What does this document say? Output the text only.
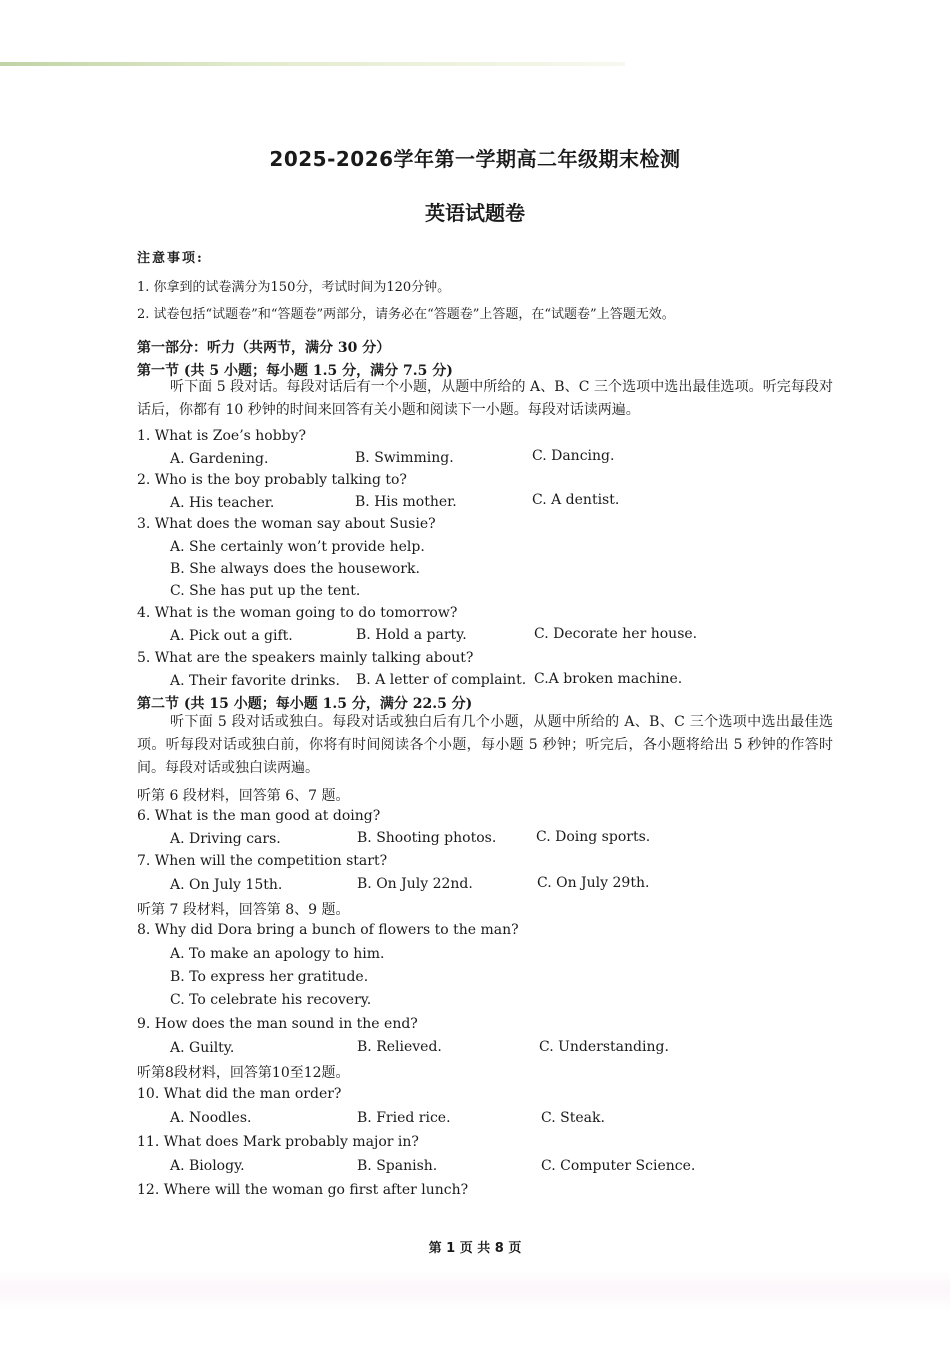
2025-2026学年第一学期高二年级期末检测
英语试题卷
注意事项:
1. 你拿到的试卷满分为150分，考试时间为120分钟。
2. 试卷包括“试题卷”和“答题卷”两部分，请务必在“答题卷”上答题，在“试题卷”上答题无效。
第一部分：听力（共两节，满分 30 分）
第一节 (共 5 小题；每小题 1.5 分，满分 7.5 分)
听下面 5 段对话。每段对话后有一个小题，从题中所给的 A、B、C 三个选项中选出最佳选项。听完每段对话后，你都有 10 秒钟的时间来回答有关小题和阅读下一小题。每段对话读两遍。
1. What is Zoe’s hobby?
A. Gardening.	B. Swimming.	C. Dancing.
2. Who is the boy probably talking to?
A. His teacher.	B. His mother.	C. A dentist.
3. What does the woman say about Susie?
A. She certainly won’t provide help.
B. She always does the housework.
C. She has put up the tent.
4. What is the woman going to do tomorrow?
A. Pick out a gift.	B. Hold a party.	C. Decorate her house.
5. What are the speakers mainly talking about?
A. Their favorite drinks. B. A letter of complaint. C.A broken machine.
第二节 (共 15 小题；每小题 1.5 分，满分 22.5 分)
听下面 5 段对话或独白。每段对话或独白后有几个小题，从题中所给的 A、B、C 三个选项中选出最佳选项。听每段对话或独白前，你将有时间阅读各个小题，每小题 5 秒钟；听完后，各小题将给出 5 秒钟的作答时间。每段对话或独白读两遍。
听第 6 段材料，回答第 6、7 题。
6. What is the man good at doing?
A. Driving cars.	B. Shooting photos.	C. Doing sports.
7. When will the competition start?
A. On July 15th.	B. On July 22nd.	C. On July 29th.
听第 7 段材料，回答第 8、9 题。
8. Why did Dora bring a bunch of flowers to the man?
A. To make an apology to him.
B. To express her gratitude.
C. To celebrate his recovery.
9. How does the man sound in the end?
A. Guilty.	B. Relieved.	C. Understanding.
听第8段材料，回答第10至12题。
10. What did the man order?
A. Noodles.	B. Fried rice.	C. Steak.
11. What does Mark probably major in?
A. Biology.	B. Spanish.	C. Computer Science.
12. Where will the woman go first after lunch?
第 1 页 共 8 页
